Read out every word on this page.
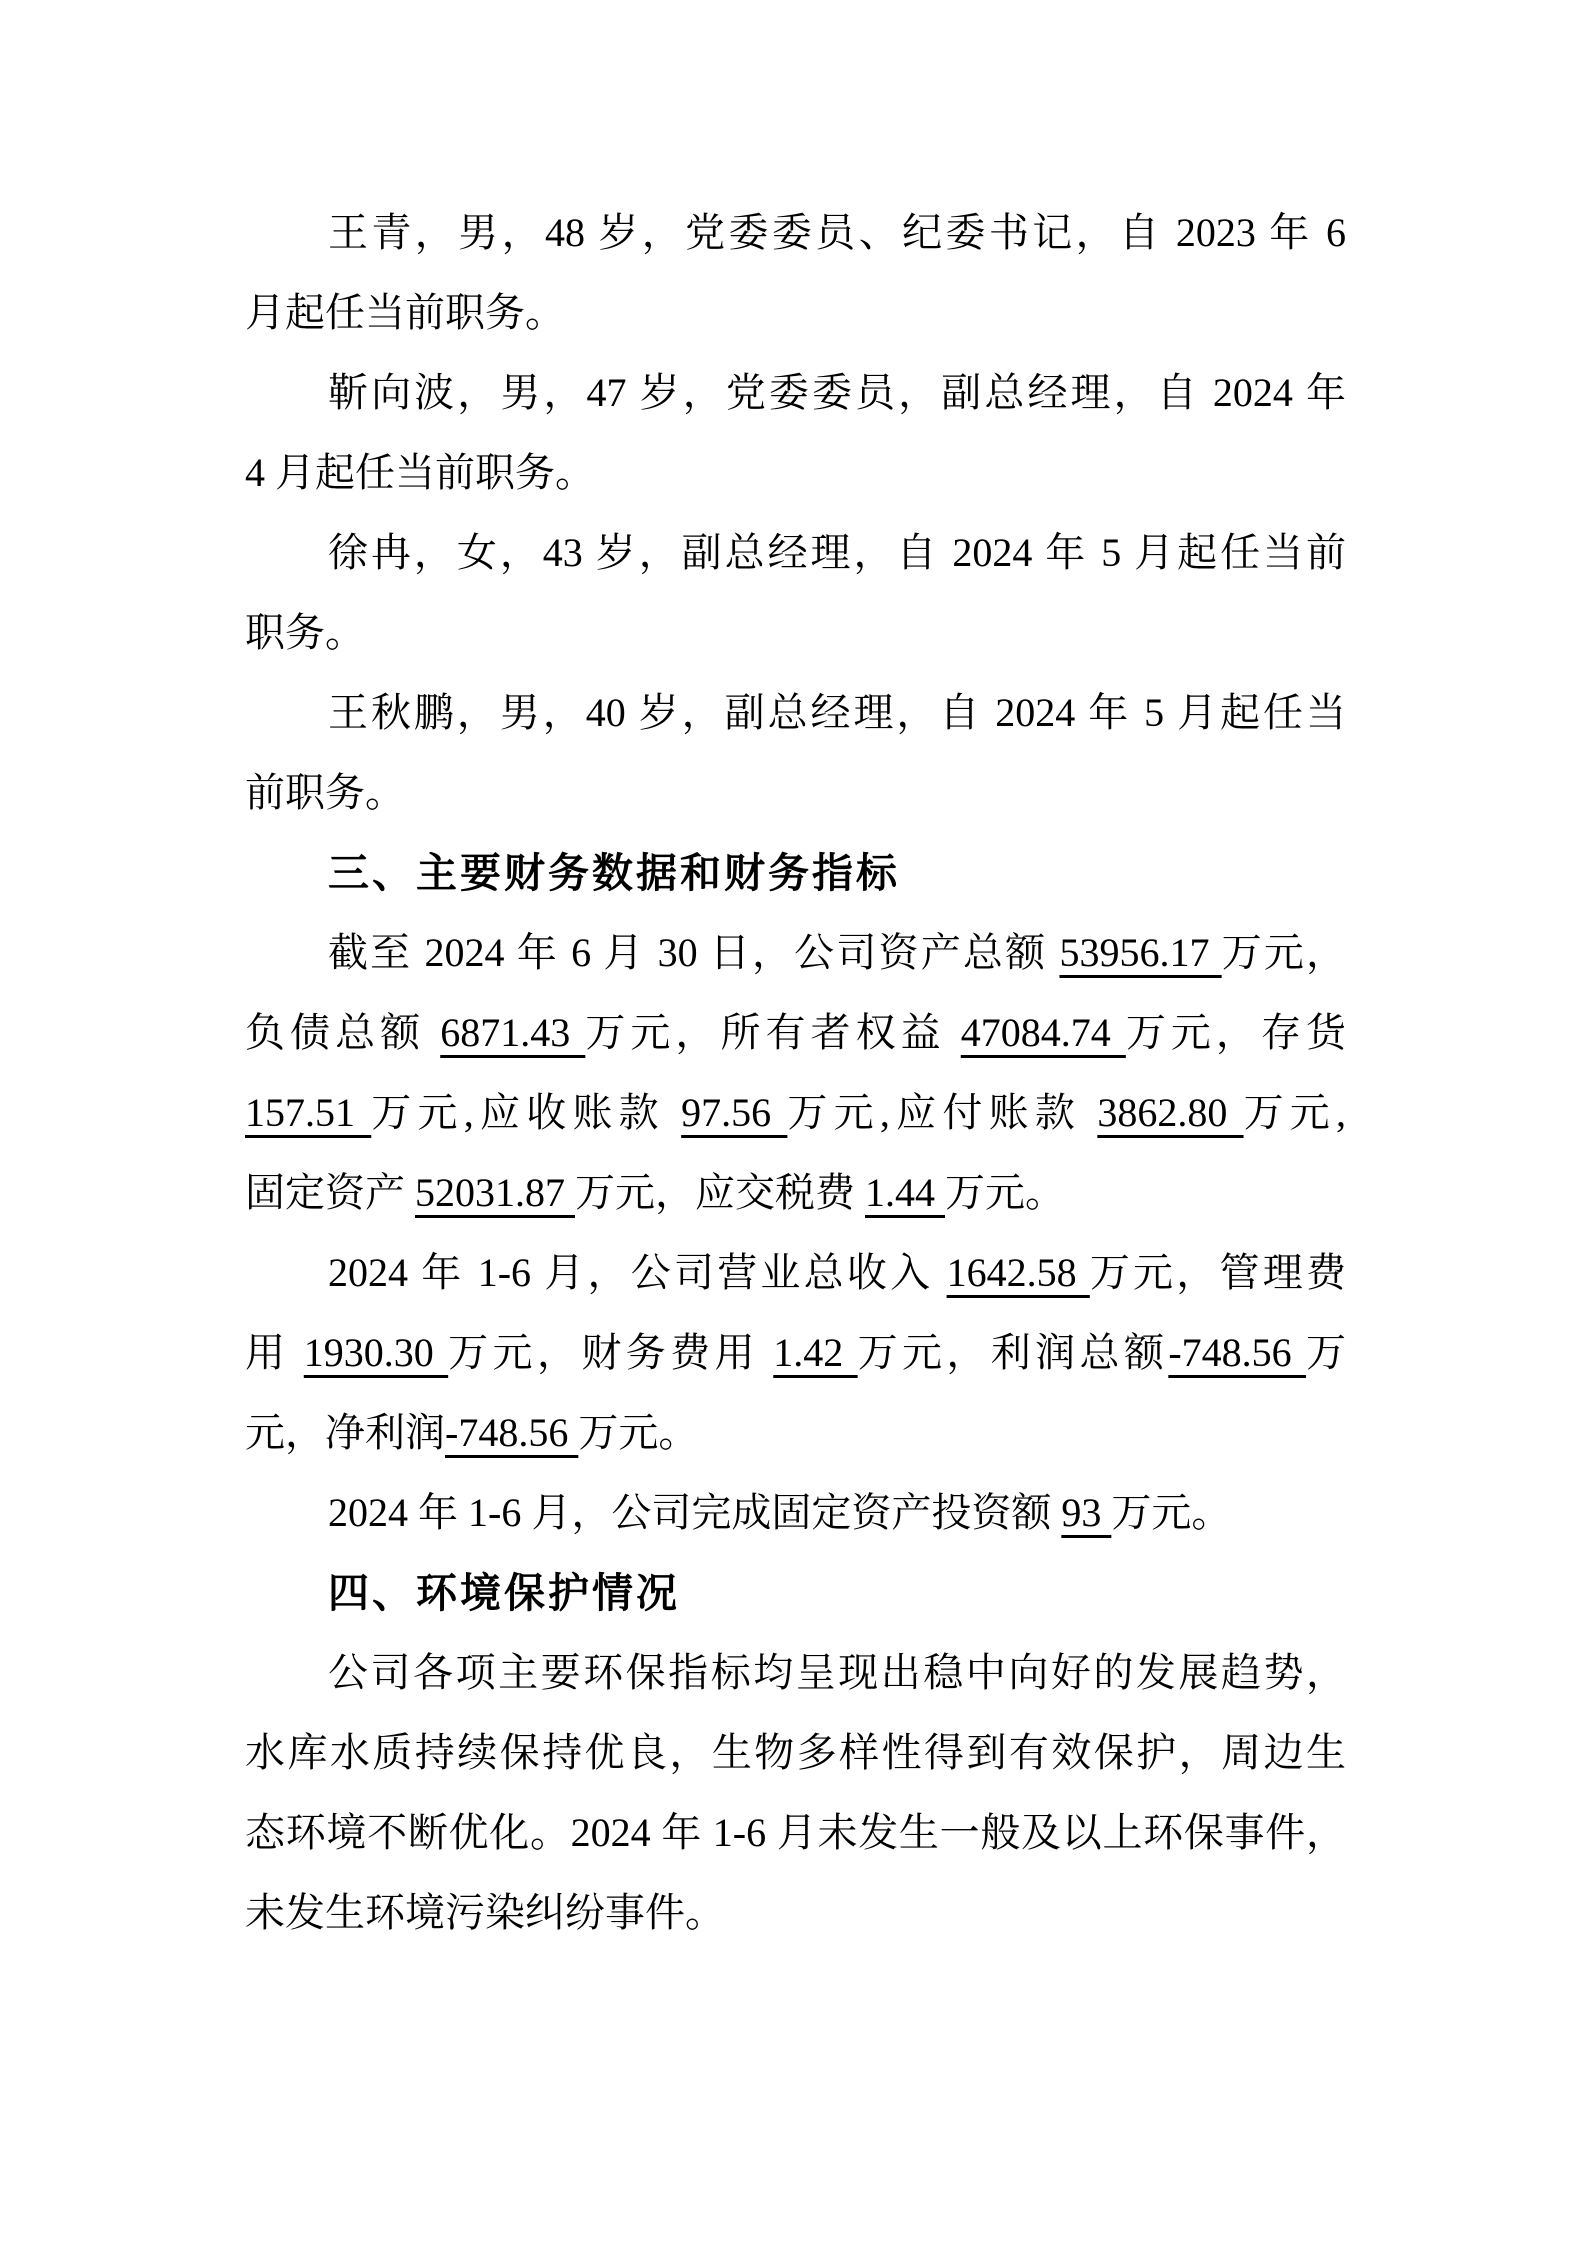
王青，男，48 岁，党委委员、纪委书记，自 2023 年 6
月起任当前职务。
靳向波，男，47 岁，党委委员，副总经理，自 2024 年
4 月起任当前职务。
徐冉，女，43 岁，副总经理，自 2024 年 5 月起任当前
职务。
王秋鹏，男，40 岁，副总经理，自 2024 年 5 月起任当
前职务。
三、主要财务数据和财务指标
截至 2024 年 6 月 30 日，公司资产总额 53956.17 万元，
负债总额 6871.43 万元，所有者权益 47084.74 万元，存货
157.51 万元,应收账款 97.56 万元,应付账款 3862.80 万元,
固定资产 52031.87 万元，应交税费 1.44 万元。
2024 年 1-6 月，公司营业总收入 1642.58 万元，管理费
用 1930.30 万元，财务费用 1.42 万元，利润总额-748.56 万
元，净利润-748.56 万元。
2024 年 1-6 月，公司完成固定资产投资额 93 万元。
四、环境保护情况
公司各项主要环保指标均呈现出稳中向好的发展趋势，
水库水质持续保持优良，生物多样性得到有效保护，周边生
态环境不断优化。2024 年 1-6 月未发生一般及以上环保事件，
未发生环境污染纠纷事件。
